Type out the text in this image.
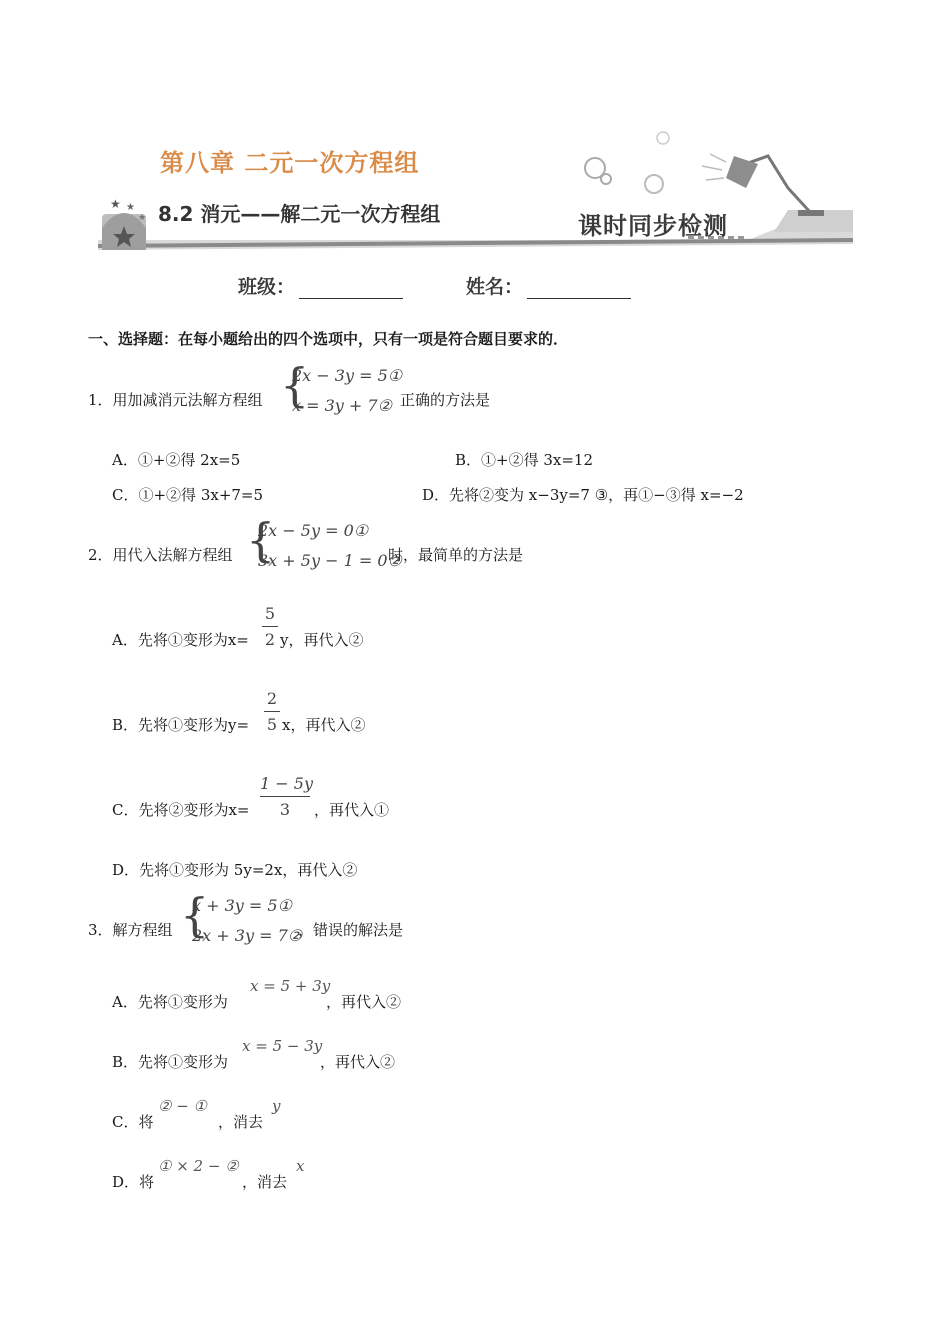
★ ★
★
第八章 二元一次方程组
8.2 消元——解二元一次方程组	课时同步检测
班级：	姓名：
一、选择题：在每小题给出的四个选项中，只有一项是符合题目要求的．
1．用加减消元法解方程组 {
2x − 3y = 5①
x = 3y + 7② 正确的方法是
A．①+②得 2x=5	B．①+②得 3x=12
C．①+②得 3x+7=5	D．先将②变为 x−3y=7 ③，再①−③得 x=−2
2．用代入法解方程组 {
2x − 5y = 0①
3x + 5y − 1 = 0②
时，最简单的方法是
A．先将①变形为x=
5
2 y，再代入②
B．先将①变形为y=
2
5 x，再代入②
C．先将②变形为x=
1 − 5y
3	，再代入①
D．先将①变形为 5y=2x，再代入②
3．解方程组 {
x + 3y = 5①
2x + 3y = 7②
，错误的解法是
A．先将①变形为
x = 5 + 3y
，再代入②
B．先将①变形为
x = 5 − 3y
，再代入②
C．将
② − ①
，消去
y
D．将
① × 2 − ②
，消去
x
